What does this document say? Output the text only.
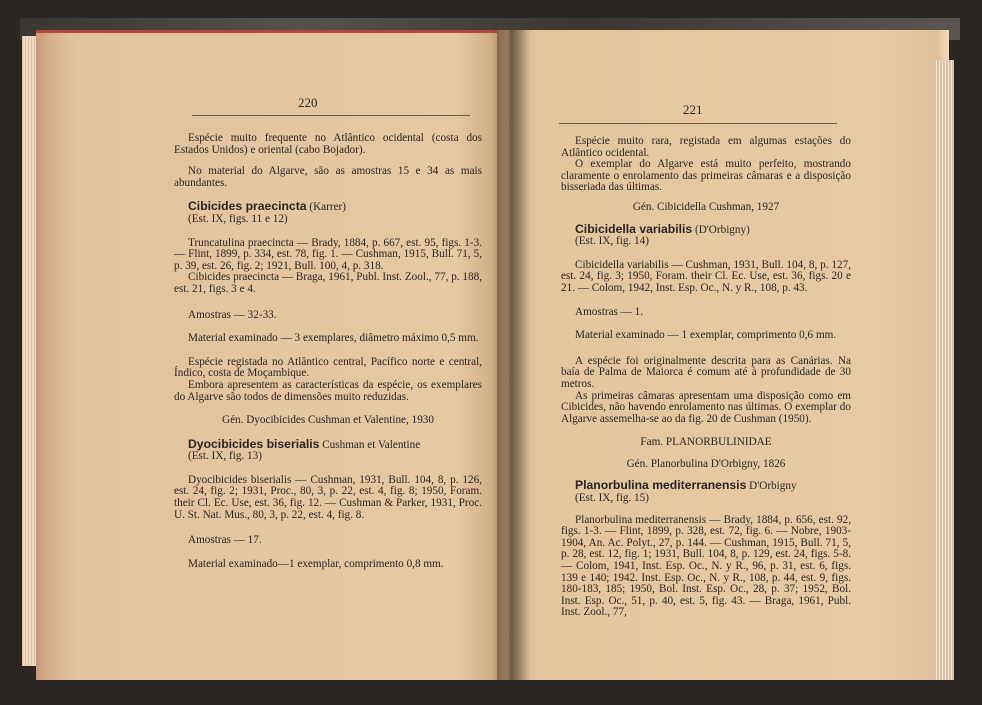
220

Espécie muito frequente no Atlântico ocidental (costa dos Estados Unidos) e oriental (cabo Bojador).

No material do Algarve, são as amostras 15 e 34 as mais abundantes.

Cibicides praecincta (Karrer)

(Est. IX, figs. 11 e 12)

Truncatulina praecincta — Brady, 1884, p. 667, est. 95, figs. 1-3. — Flint, 1899, p. 334, est. 78, fig. 1. — Cushman, 1915, Bull. 71, 5, p. 39, est. 26, fig. 2; 1921, Bull. 100, 4, p. 318.

Cibicides praecincta — Braga, 1961, Publ. Inst. Zool., 77, p. 188, est. 21, figs. 3 e 4.

Amostras — 32-33.

Material examinado — 3 exemplares, diâmetro máximo 0,5 mm.

Espécie registada no Atlântico central, Pacífico norte e central, Índico, costa de Moçambique.

Embora apresentem as características da espécie, os exemplares do Algarve são todos de dimensões muito reduzidas.

Gén. Dyocibicides Cushman et Valentine, 1930

Dyocibicides biserialis Cushman et Valentine

(Est. IX, fig. 13)

Dyocibicides biserialis — Cushman, 1931, Bull. 104, 8, p. 126, est. 24, fig. 2; 1931, Proc., 80, 3, p. 22, est. 4, fig. 8; 1950, Foram. their Cl. Ec. Use, est. 36, fig. 12. — Cushman & Parker, 1931, Proc. U. St. Nat. Mus., 80, 3, p. 22, est. 4, fig. 8.

Amostras — 17.

Material examinado—1 exemplar, comprimento 0,8 mm.

221

Espécie muito rara, registada em algumas estações do Atlântico ocidental.

O exemplar do Algarve está muito perfeito, mostrando claramente o enrolamento das primeiras câmaras e a disposição bisseriada das últimas.

Gén. Cibicidella Cushman, 1927

Cibicidella variabilis (D'Orbigny)

(Est. IX, fig. 14)

Cibicidella variabilis — Cushman, 1931, Bull. 104, 8, p. 127, est. 24, fig. 3; 1950, Foram. their Cl. Ec. Use, est. 36, figs. 20 e 21. — Colom, 1942, Inst. Esp. Oc., N. y R., 108, p. 43.

Amostras — 1.

Material examinado — 1 exemplar, comprimento 0,6 mm.

A espécie foi originalmente descrita para as Canárias. Na baía de Palma de Maiorca é comum até à profundidade de 30 metros.

As primeiras câmaras apresentam uma disposição como em Cibicides, não havendo enrolamento nas últimas. O exemplar do Algarve assemelha-se ao da fig. 20 de Cushman (1950).

Fam. PLANORBULINIDAE

Gén. Planorbulina D'Orbigny, 1826

Planorbulina mediterranensis D'Orbigny

(Est. IX, fig. 15)

Planorbulina mediterranensis — Brady, 1884, p. 656, est. 92, figs. 1-3. — Flint, 1899, p. 328, est. 72, fig. 6. — Nobre, 1903-1904, An. Ac. Polyt., 27, p. 144. — Cushman, 1915, Bull. 71, 5, p. 28, est. 12, fig. 1; 1931, Bull. 104, 8, p. 129, est. 24, figs. 5-8. — Colom, 1941, Inst. Esp. Oc., N. y R., 96, p. 31, est. 6, figs. 139 e 140; 1942. Inst. Esp. Oc., N. y R., 108, p. 44, est. 9, figs. 180-183, 185; 1950, Bol. Inst. Esp. Oc., 28, p. 37; 1952, Bol. Inst. Esp. Oc., 51, p. 40, est. 5, fig. 43. — Braga, 1961, Publ. Inst. Zool., 77,
